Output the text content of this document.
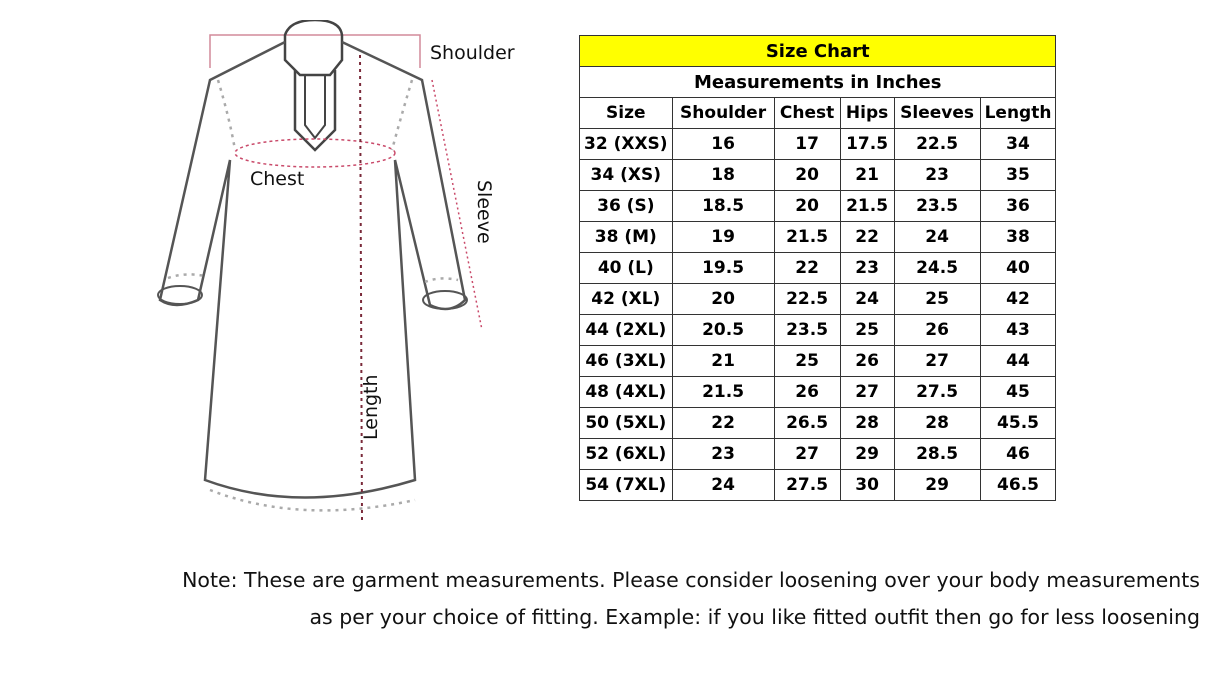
Shoulder
Chest
Sleeve
Length
Size Chart					
Measurements in Inches					
Size	Shoulder	Chest	Hips	Sleeves	Length
32 (XXS)	16	17	17.5	22.5	34
34 (XS)	18	20	21	23	35
36 (S)	18.5	20	21.5	23.5	36
38 (M)	19	21.5	22	24	38
40 (L)	19.5	22	23	24.5	40
42 (XL)	20	22.5	24	25	42
44 (2XL)	20.5	23.5	25	26	43
46 (3XL)	21	25	26	27	44
48 (4XL)	21.5	26	27	27.5	45
50 (5XL)	22	26.5	28	28	45.5
52 (6XL)	23	27	29	28.5	46
54 (7XL)	24	27.5	30	29	46.5
Note: These are garment measurements. Please consider loosening over your body measurements
as per your choice of fitting. Example: if you like fitted outfit then go for less loosening
